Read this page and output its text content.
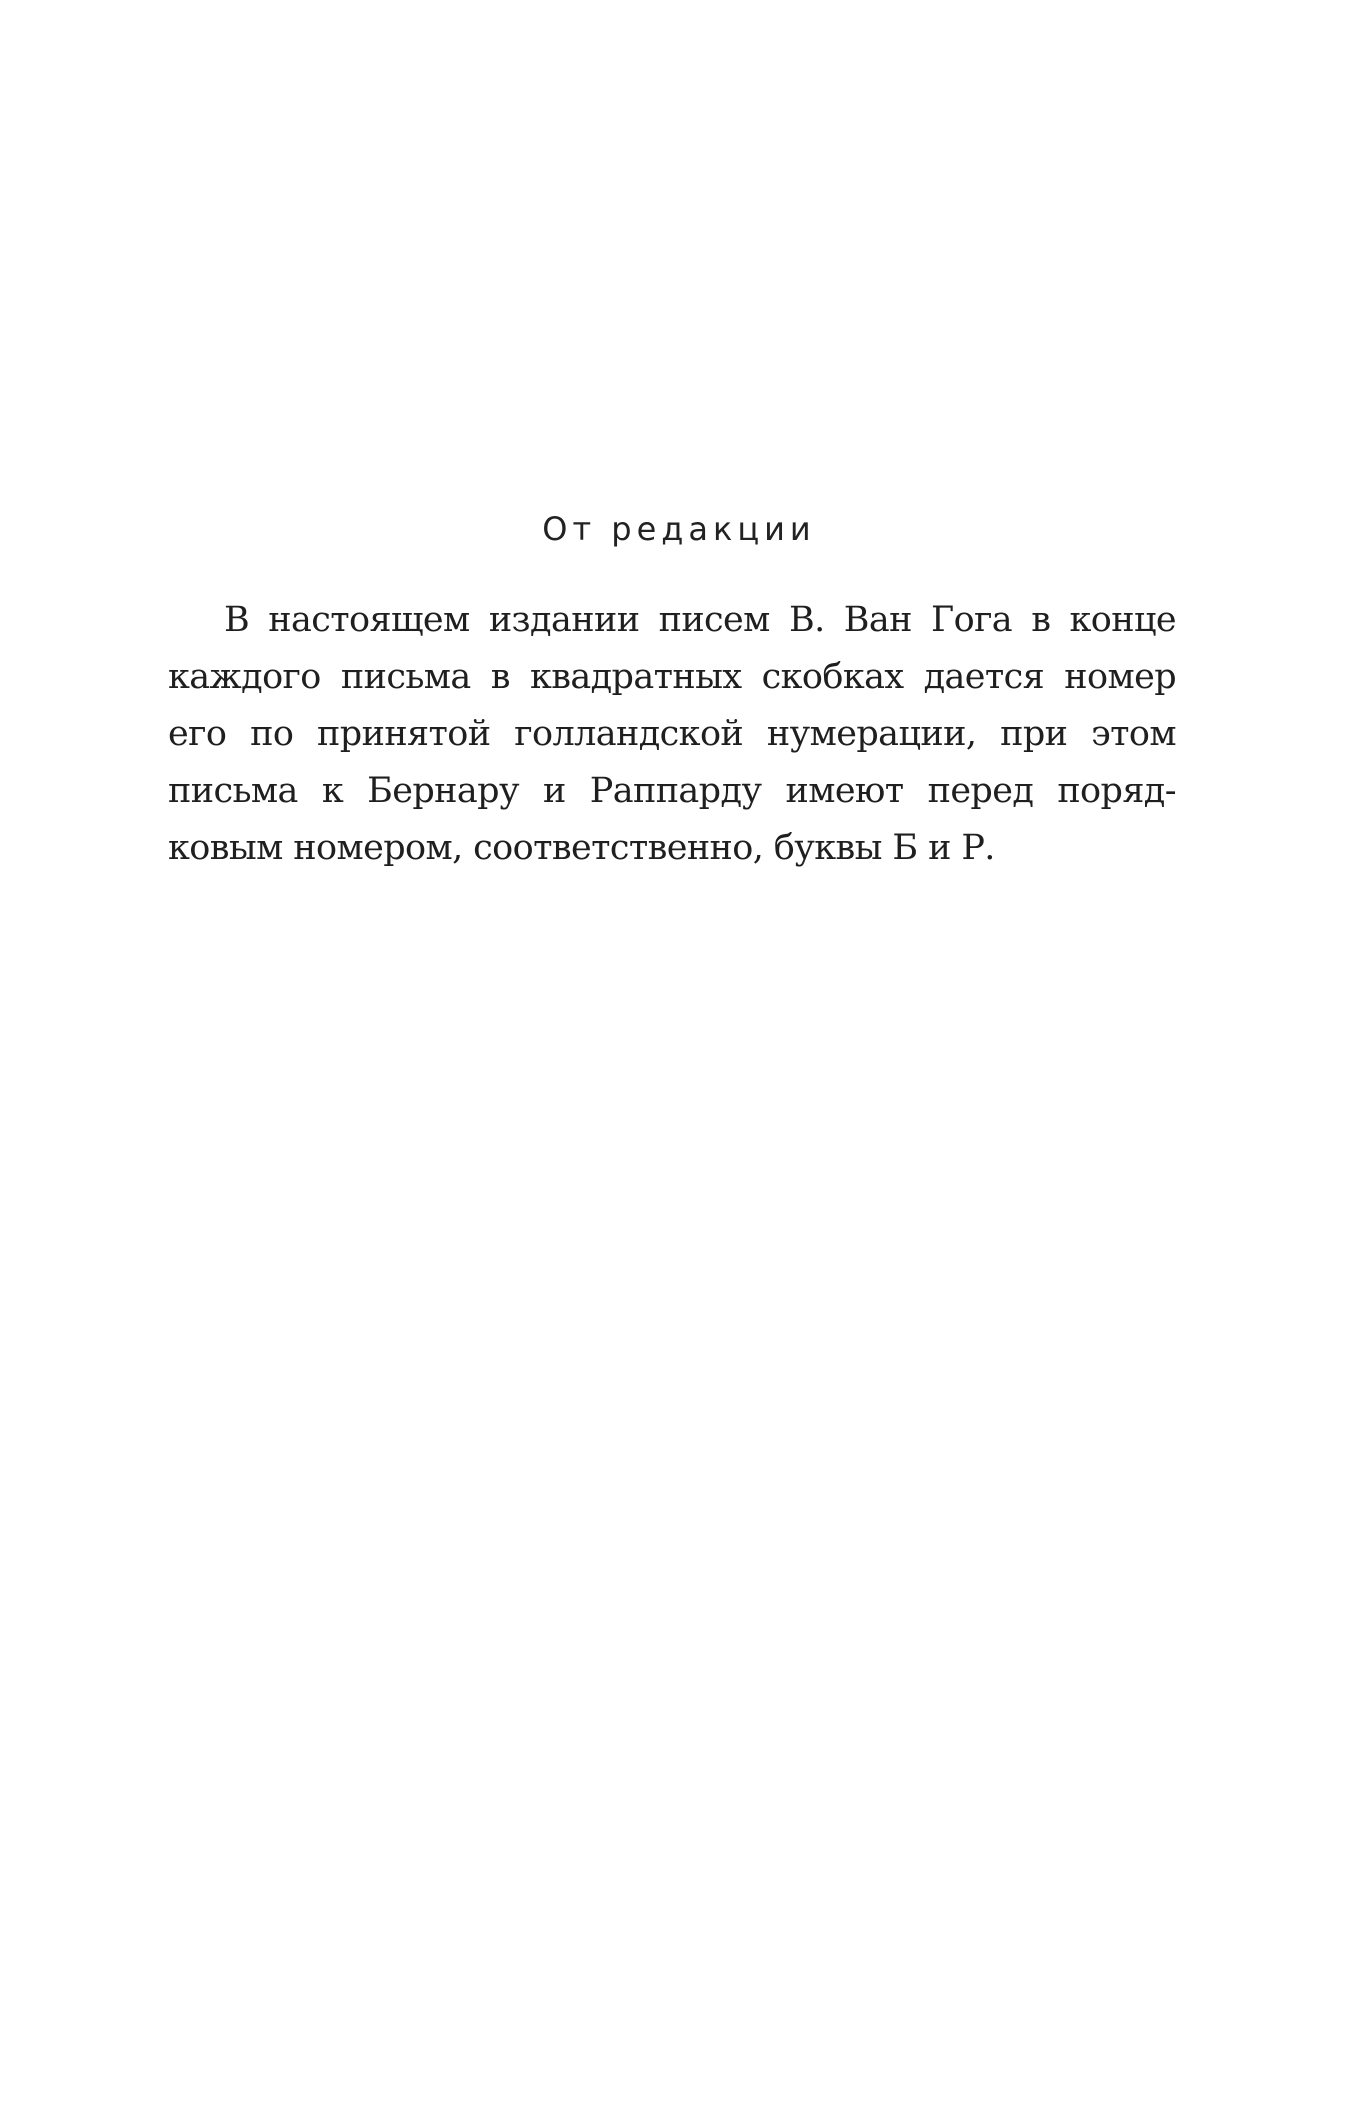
От редакции
В настоящем издании писем В. Ван Гога в конце
каждого письма в квадратных скобках дается номер
его по принятой голландской нумерации, при этом
письма к Бернару и Раппарду имеют перед поряд-
ковым номером, соответственно, буквы Б и Р.
